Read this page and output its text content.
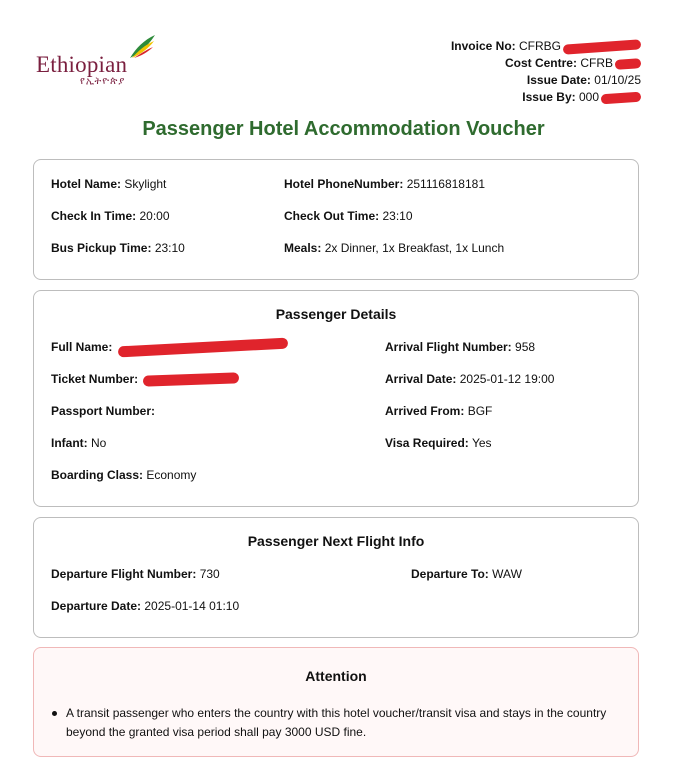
Ethiopian
የኢትዮጵያ
Invoice No: CFRBG
Cost Centre: CFRB
Issue Date: 01/10/25
Issue By: 000
Passenger Hotel Accommodation Voucher
Hotel Name: Skylight	Hotel PhoneNumber: 251116818181
Check In Time: 20:00	Check Out Time: 23:10
Bus Pickup Time: 23:10	Meals: 2x Dinner, 1x Breakfast, 1x Lunch
Passenger Details
Full Name:	Arrival Flight Number: 958
Ticket Number:	Arrival Date: 2025-01-12 19:00
Passport Number:	Arrived From: BGF
Infant: No	Visa Required: Yes
Boarding Class: Economy
Passenger Next Flight Info
Departure Flight Number: 730	Departure To: WAW
Departure Date: 2025-01-14 01:10
Attention
A transit passenger who enters the country with this hotel voucher/transit visa and stays in the country beyond the granted visa period shall pay 3000 USD fine.
